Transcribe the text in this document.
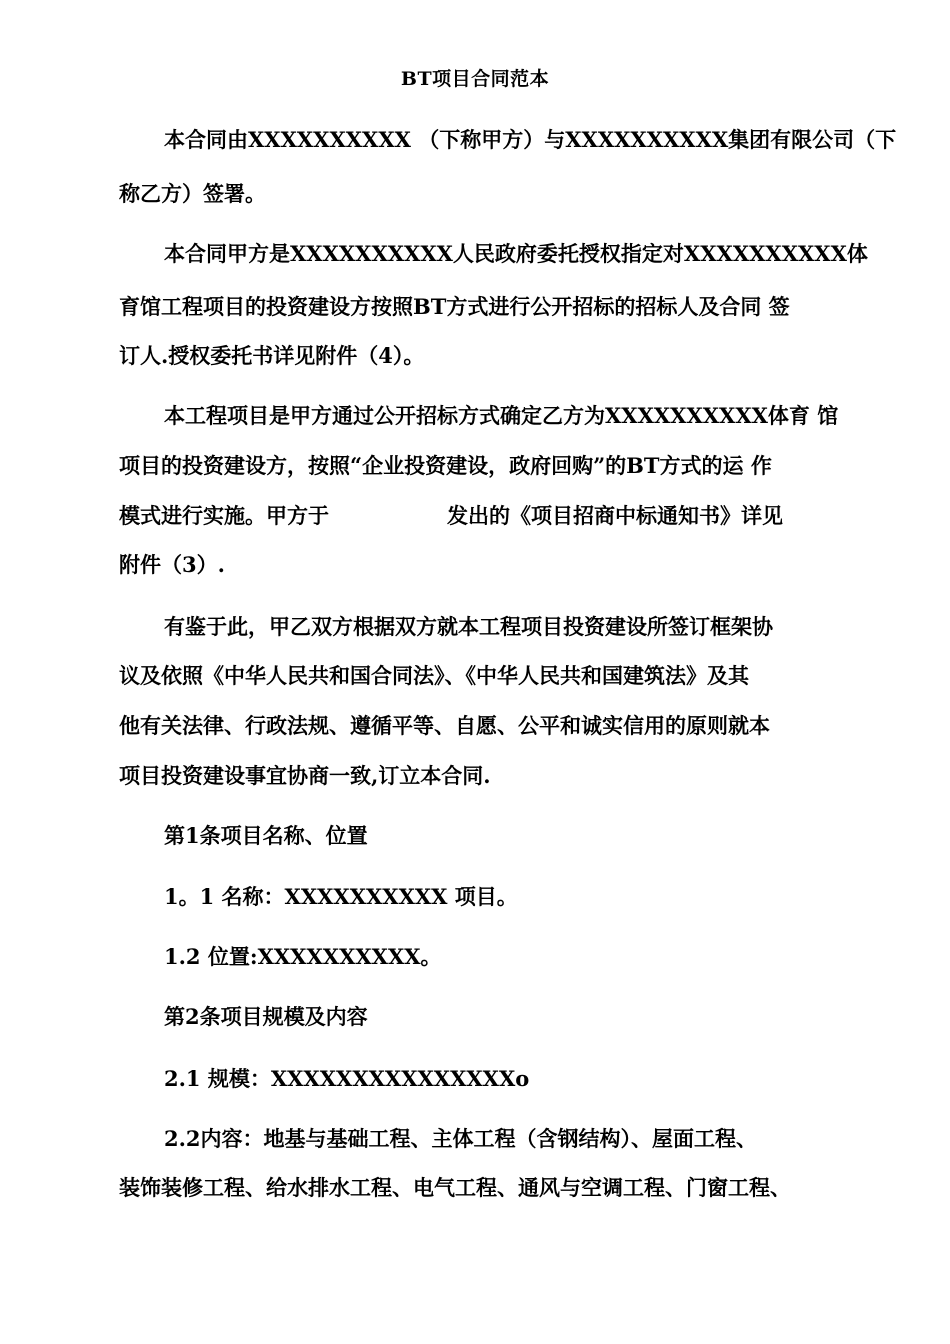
BT项目合同范本
本合同由XXXXXXXXXX （下称甲方）与XXXXXXXXXX集团有限公司（下
称乙方）签署。
本合同甲方是XXXXXXXXXX人民政府委托授权指定对XXXXXXXXXX体
育馆工程项目的投资建设方按照BT方式进行公开招标的招标人及合同 签
订人.授权委托书详见附件（4）。
本工程项目是甲方通过公开招标方式确定乙方为XXXXXXXXXX体育 馆
项目的投资建设方，按照“企业投资建设，政府回购”的BT方式的运 作
模式进行实施。甲方于	发出的《项目招商中标通知书》详见
附件（3）.
有鉴于此，甲乙双方根据双方就本工程项目投资建设所签订框架协
议及依照《中华人民共和国合同法》、《中华人民共和国建筑法》及其
他有关法律、行政法规、遵循平等、自愿、公平和诚实信用的原则就本
项目投资建设事宜协商一致,订立本合同.
第1条项目名称、位置
1。1 名称：XXXXXXXXXX 项目。
1.2 位置:XXXXXXXXXX。
第2条项目规模及内容
2.1 规模：XXXXXXXXXXXXXXXo
2.2内容：地基与基础工程、主体工程（含钢结构）、屋面工程、
装饰装修工程、给水排水工程、电气工程、通风与空调工程、门窗工程、
